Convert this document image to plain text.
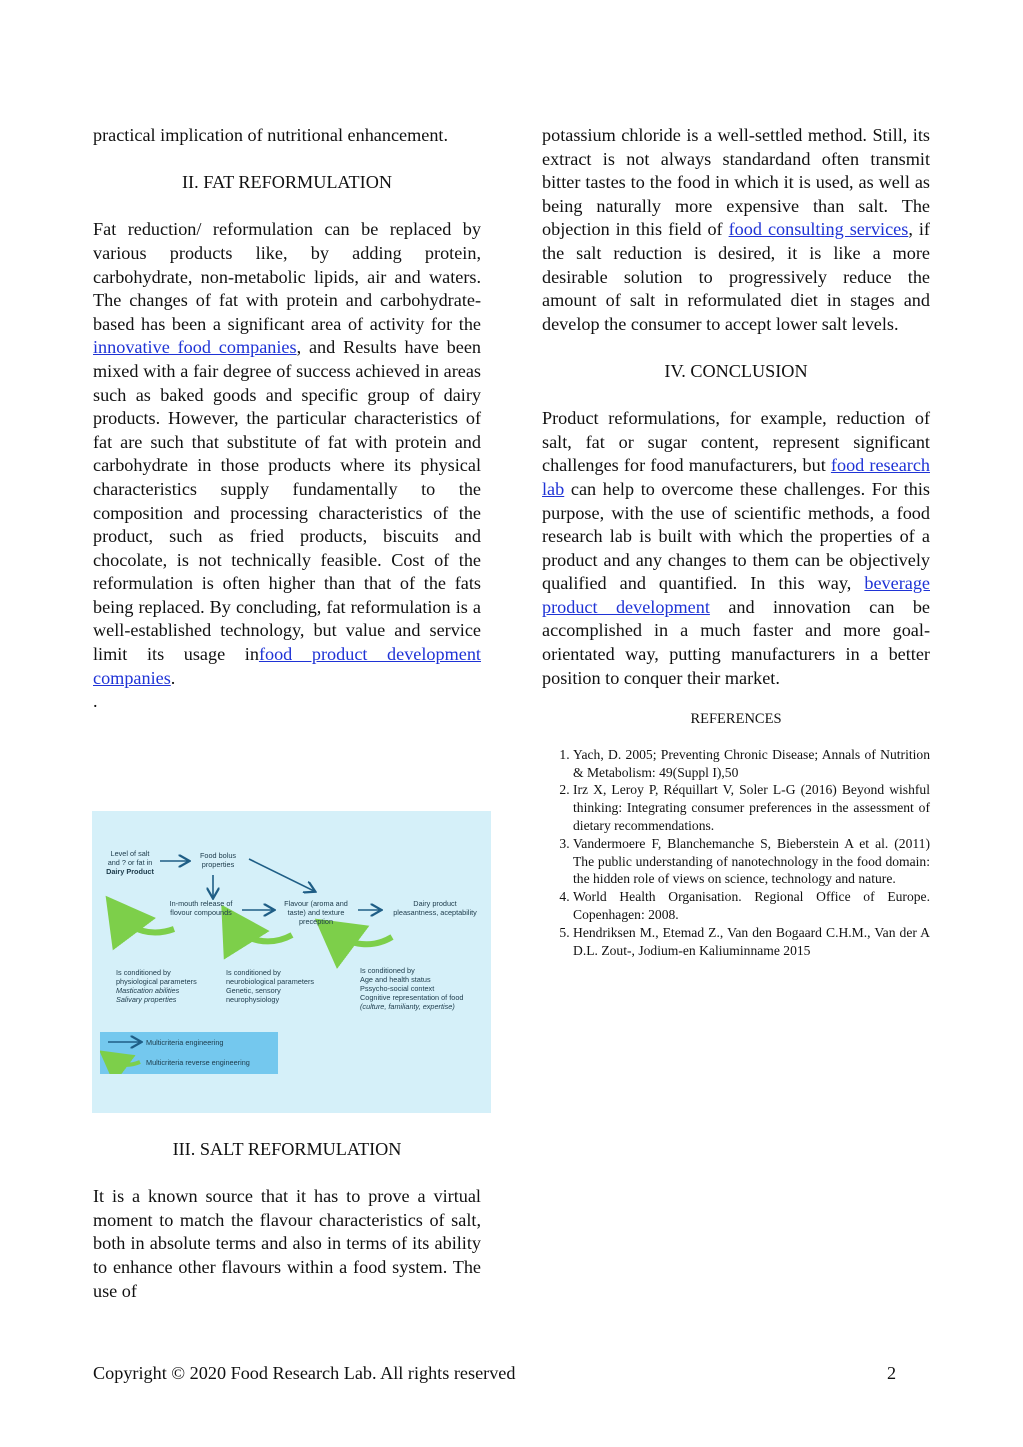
practical implication of nutritional enhancement.

II. FAT REFORMULATION

Fat reduction/ reformulation can be replaced by various products like, by adding protein, carbohydrate, non-metabolic lipids, air and waters. The changes of fat with protein and carbohydrate-based has been a significant area of activity for the innovative food companies, and Results have been mixed with a fair degree of success achieved in areas such as baked goods and specific group of dairy products. However, the particular characteristics of fat are such that substitute of fat with protein and carbohydrate in those products where its physical characteristics supply fundamentally to the composition and processing characteristics of the product, such as fried products, biscuits and chocolate, is not technically feasible. Cost of the reformulation is often higher than that of the fats being replaced. By concluding, fat reformulation is a well-established technology, but value and service limit its usage infood product development companies.

.

Level of salt
and ? or fat in
Dairy Product
Food bolus
properties
In-mouth release of
flovour compounds
Flavour (aroma and
taste) and texture
preception
Dairy product
pleasantness, aceptability
Is conditioned by
physiological parameters
Mastication abilities
Salivary properties
Is conditioned by
neurobiological parameters
Genetic, sensory
neurophysiology
Is conditioned by
Age and health status
Pssycho-social context
Cognitive representation of food
(culture, familianty, expertise)
Multicriteria engineering
Multicriteria reverse engineering

III. SALT REFORMULATION

It is a known source that it has to prove a virtual moment to match the flavour characteristics of salt, both in absolute terms and also in terms of its ability to enhance other flavours within a food system. The use of

potassium chloride is a well-settled method. Still, its extract is not always standardand often transmit bitter tastes to the food in which it is used, as well as being naturally more expensive than salt. The objection in this field of food consulting services, if the salt reduction is desired, it is like a more desirable solution to progressively reduce the amount of salt in reformulated diet in stages and develop the consumer to accept lower salt levels.

IV. CONCLUSION

Product reformulations, for example, reduction of salt, fat or sugar content, represent significant challenges for food manufacturers, but food research lab can help to overcome these challenges. For this purpose, with the use of scientific methods, a food research lab is built with which the properties of a product and any changes to them can be objectively qualified and quantified. In this way, beverage product development and innovation can be accomplished in a much faster and more goal-orientated way, putting manufacturers in a better position to conquer their market.

REFERENCES

1. Yach, D. 2005; Preventing Chronic Disease; Annals of Nutrition & Metabolism: 49(Suppl I),50
2. Irz X, Leroy P, Réquillart V, Soler L-G (2016) Beyond wishful thinking: Integrating consumer preferences in the assessment of dietary recommendations.
3. Vandermoere F, Blanchemanche S, Bieberstein A et al. (2011) The public understanding of nanotechnology in the food domain: the hidden role of views on science, technology and nature.
4. World Health Organisation. Regional Office of Europe. Copenhagen: 2008.
5. Hendriksen M., Etemad Z., Van den Bogaard C.H.M., Van der A D.L. Zout-, Jodium-en Kaliuminname 2015
Copyright © 2020 Food Research Lab. All rights reserved	2
